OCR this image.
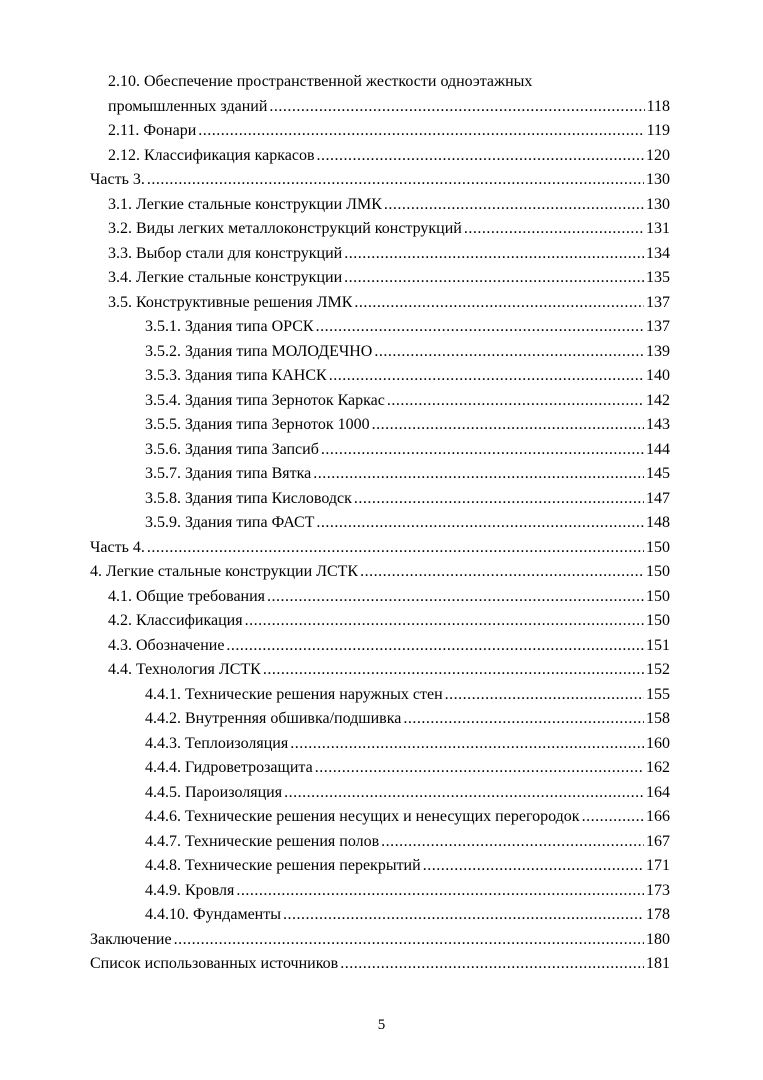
2.10. Обеспечение пространственной жесткости одноэтажных
промышленных зданий .....	118
2.11. Фонари .....	119
2.12. Классификация каркасов .....	120
Часть 3. .....	130
3.1. Легкие стальные конструкции ЛМК .....	130
3.2. Виды легких металлоконструкций конструкций .....	131
3.3. Выбор стали для конструкций .....	134
3.4. Легкие стальные конструкции .....	135
3.5. Конструктивные решения ЛМК .....	137
3.5.1. Здания типа ОРСК .....	137
3.5.2. Здания типа МОЛОДЕЧНО .....	139
3.5.3. Здания типа КАНСК .....	140
3.5.4. Здания типа Зерноток Каркас .....	142
3.5.5. Здания типа Зерноток 1000 .....	143
3.5.6. Здания типа Запсиб .....	144
3.5.7. Здания типа Вятка .....	145
3.5.8. Здания типа Кисловодск .....	147
3.5.9. Здания типа ФАСТ .....	148
Часть 4. .....	150
4. Легкие стальные конструкции ЛСТК .....	150
4.1. Общие требования .....	150
4.2. Классификация .....	150
4.3. Обозначение .....	151
4.4. Технология ЛСТК .....	152
4.4.1. Технические решения наружных стен .....	155
4.4.2. Внутренняя обшивка/подшивка .....	158
4.4.3. Теплоизоляция .....	160
4.4.4. Гидроветрозащита .....	162
4.4.5. Пароизоляция .....	164
4.4.6. Технические решения несущих и ненесущих перегородок .....	166
4.4.7. Технические решения полов .....	167
4.4.8. Технические решения перекрытий .....	171
4.4.9. Кровля .....	173
4.4.10. Фундаменты .....	178
Заключение .....	180
Список использованных источников .....	181
5
